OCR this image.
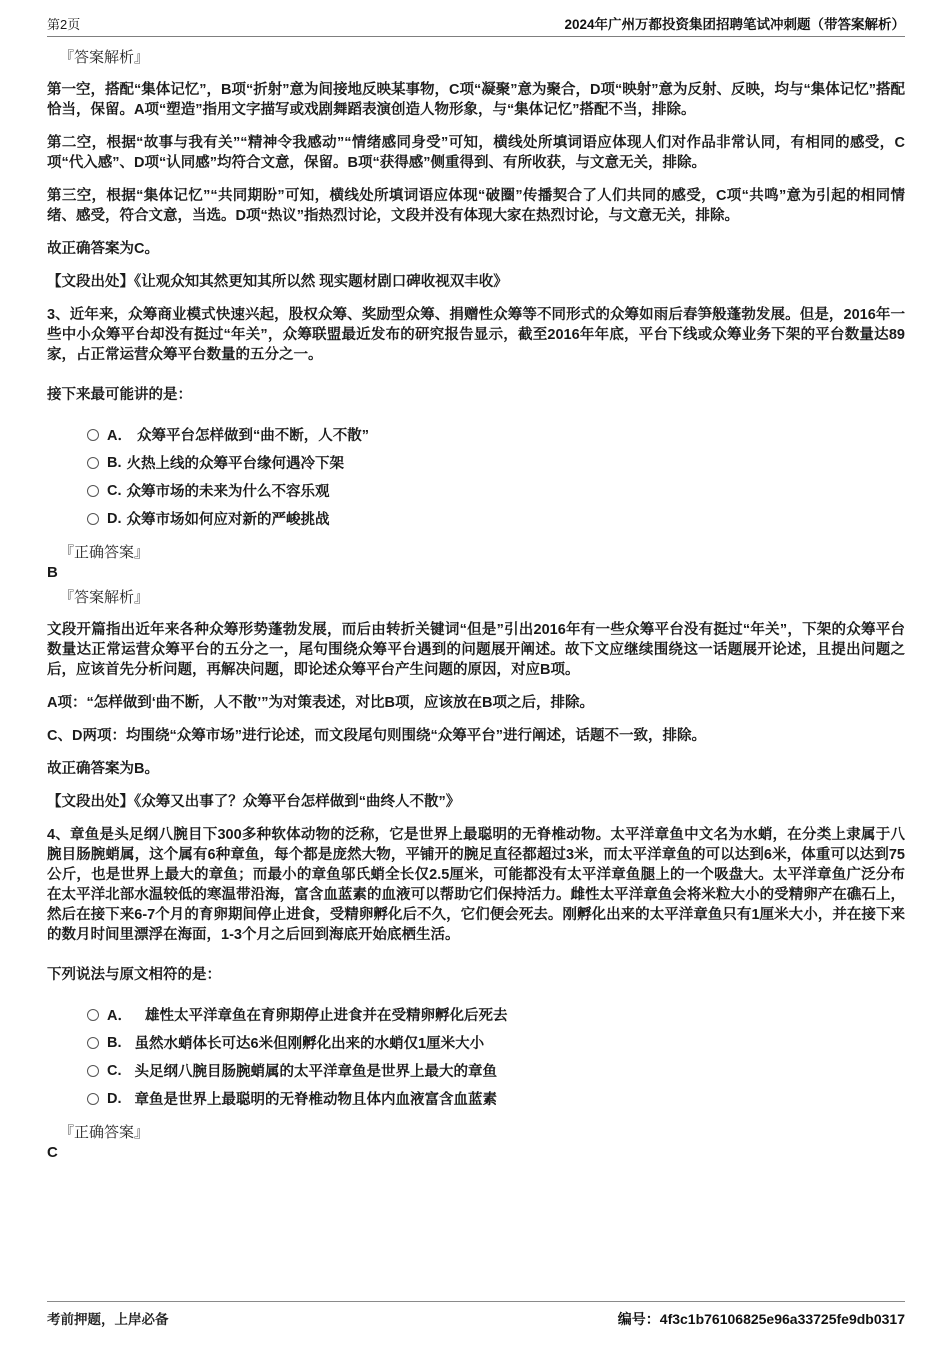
第2页	2024年广州万都投资集团招聘笔试冲刺题（带答案解析）
『答案解析』

第一空，搭配“集体记忆”，B项“折射”意为间接地反映某事物，C项“凝聚”意为聚合，D项“映射”意为反射、反映，均与“集体记忆”搭配恰当，保留。A项“塑造”指用文字描写或戏剧舞蹈表演创造人物形象，与“集体记忆”搭配不当，排除。

第二空，根据“故事与我有关”“精神令我感动”“情绪感同身受”可知，横线处所填词语应体现人们对作品非常认同，有相同的感受，C项“代入感”、D项“认同感”均符合文意，保留。B项“获得感”侧重得到、有所收获，与文意无关，排除。

第三空，根据“集体记忆”“共同期盼”可知，横线处所填词语应体现“破圈”传播契合了人们共同的感受，C项“共鸣”意为引起的相同情绪、感受，符合文意，当选。D项“热议”指热烈讨论，文段并没有体现大家在热烈讨论，与文意无关，排除。

故正确答案为C。

【文段出处】《让观众知其然更知其所以然 现实题材剧口碑收视双丰收》

3、近年来，众筹商业模式快速兴起，股权众筹、奖励型众筹、捐赠性众筹等不同形式的众筹如雨后春笋般蓬勃发展。但是，2016年一些中小众筹平台却没有挺过“年关”，众筹联盟最近发布的研究报告显示，截至2016年年底，平台下线或众筹业务下架的平台数量达89家，占正常运营众筹平台数量的五分之一。

接下来最可能讲的是：

A． 众筹平台怎样做到“曲不断，人不散”
B. 火热上线的众筹平台缘何遇冷下架
C. 众筹市场的未来为什么不容乐观
D. 众筹市场如何应对新的严峻挑战
『正确答案』
B
『答案解析』

文段开篇指出近年来各种众筹形势蓬勃发展，而后由转折关键词“但是”引出2016年有一些众筹平台没有挺过“年关”，下架的众筹平台数量达正常运营众筹平台的五分之一，尾句围绕众筹平台遇到的问题展开阐述。故下文应继续围绕这一话题展开论述，且提出问题之后，应该首先分析问题，再解决问题，即论述众筹平台产生问题的原因，对应B项。

A项：“怎样做到‘曲不断，人不散’”为对策表述，对比B项，应该放在B项之后，排除。

C、D两项：均围绕“众筹市场”进行论述，而文段尾句则围绕“众筹平台”进行阐述，话题不一致，排除。

故正确答案为B。

【文段出处】《众筹又出事了？众筹平台怎样做到“曲终人不散”》

4、章鱼是头足纲八腕目下300多种软体动物的泛称，它是世界上最聪明的无脊椎动物。太平洋章鱼中文名为水蛸，在分类上隶属于八腕目肠腕蛸属，这个属有6种章鱼，每个都是庞然大物，平铺开的腕足直径都超过3米，而太平洋章鱼的可以达到6米，体重可以达到75公斤，也是世界上最大的章鱼；而最小的章鱼邬氏蛸全长仅2.5厘米，可能都没有太平洋章鱼腿上的一个吸盘大。太平洋章鱼广泛分布在太平洋北部水温较低的寒温带沿海，富含血蓝素的血液可以帮助它们保持活力。雌性太平洋章鱼会将米粒大小的受精卵产在礁石上，然后在接下来6-7个月的育卵期间停止进食，受精卵孵化后不久，它们便会死去。刚孵化出来的太平洋章鱼只有1厘米大小，并在接下来的数月时间里漂浮在海面，1-3个月之后回到海底开始底栖生活。

下列说法与原文相符的是：

A． 雄性太平洋章鱼在育卵期停止进食并在受精卵孵化后死去
B. 虽然水蛸体长可达6米但刚孵化出来的水蛸仅1厘米大小
C. 头足纲八腕目肠腕蛸属的太平洋章鱼是世界上最大的章鱼
D. 章鱼是世界上最聪明的无脊椎动物且体内血液富含血蓝素
『正确答案』
C
考前押题，上岸必备	编号：4f3c1b76106825e96a33725fe9db0317
